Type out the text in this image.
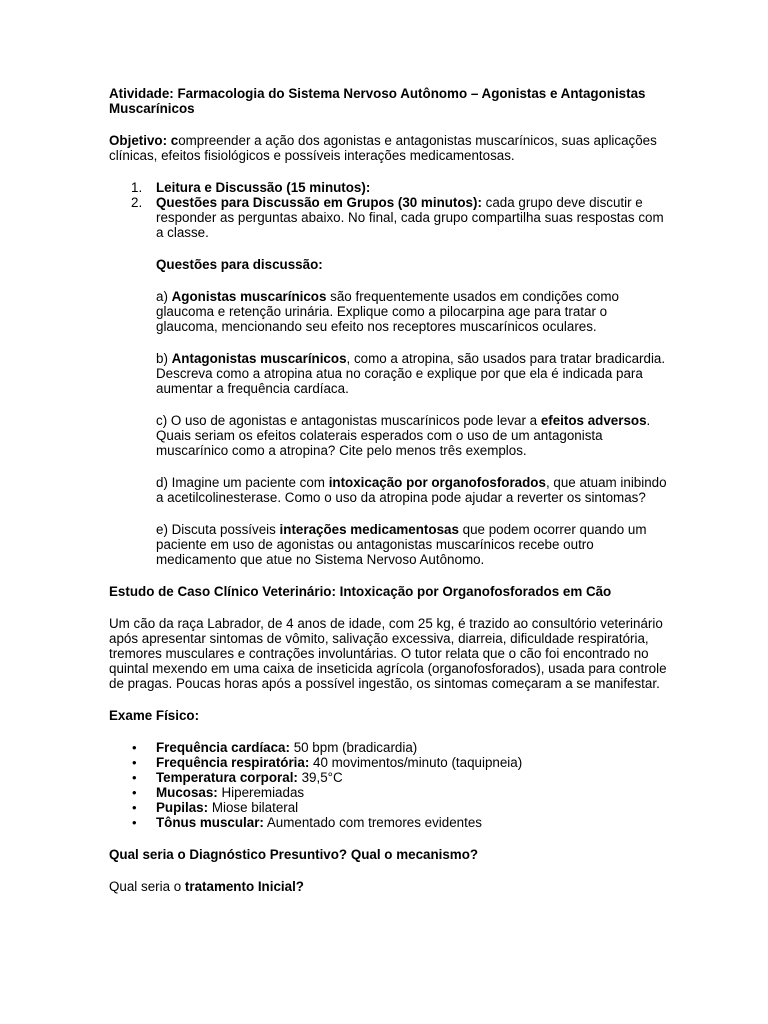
Atividade: Farmacologia do Sistema Nervoso Autônomo – Agonistas e Antagonistas Muscarínicos

Objetivo: compreender a ação dos agonistas e antagonistas muscarínicos, suas aplicações clínicas, efeitos fisiológicos e possíveis interações medicamentosas.

1. Leitura e Discussão (15 minutos):
2. Questões para Discussão em Grupos (30 minutos): cada grupo deve discutir e responder as perguntas abaixo. No final, cada grupo compartilha suas respostas com a classe.

Questões para discussão:

a) Agonistas muscarínicos são frequentemente usados em condições como glaucoma e retenção urinária. Explique como a pilocarpina age para tratar o glaucoma, mencionando seu efeito nos receptores muscarínicos oculares.

b) Antagonistas muscarínicos, como a atropina, são usados para tratar bradicardia. Descreva como a atropina atua no coração e explique por que ela é indicada para aumentar a frequência cardíaca.

c) O uso de agonistas e antagonistas muscarínicos pode levar a efeitos adversos. Quais seriam os efeitos colaterais esperados com o uso de um antagonista muscarínico como a atropina? Cite pelo menos três exemplos.

d) Imagine um paciente com intoxicação por organofosforados, que atuam inibindo a acetilcolinesterase. Como o uso da atropina pode ajudar a reverter os sintomas?

e) Discuta possíveis interações medicamentosas que podem ocorrer quando um paciente em uso de agonistas ou antagonistas muscarínicos recebe outro medicamento que atue no Sistema Nervoso Autônomo.

Estudo de Caso Clínico Veterinário: Intoxicação por Organofosforados em Cão

Um cão da raça Labrador, de 4 anos de idade, com 25 kg, é trazido ao consultório veterinário após apresentar sintomas de vômito, salivação excessiva, diarreia, dificuldade respiratória, tremores musculares e contrações involuntárias. O tutor relata que o cão foi encontrado no quintal mexendo em uma caixa de inseticida agrícola (organofosforados), usada para controle de pragas. Poucas horas após a possível ingestão, os sintomas começaram a se manifestar.

Exame Físico:

• Frequência cardíaca: 50 bpm (bradicardia)
• Frequência respiratória: 40 movimentos/minuto (taquipneia)
• Temperatura corporal: 39,5°C
• Mucosas: Hiperemiadas
• Pupilas: Miose bilateral
• Tônus muscular: Aumentado com tremores evidentes

Qual seria o Diagnóstico Presuntivo? Qual o mecanismo?

Qual seria o tratamento Inicial?
